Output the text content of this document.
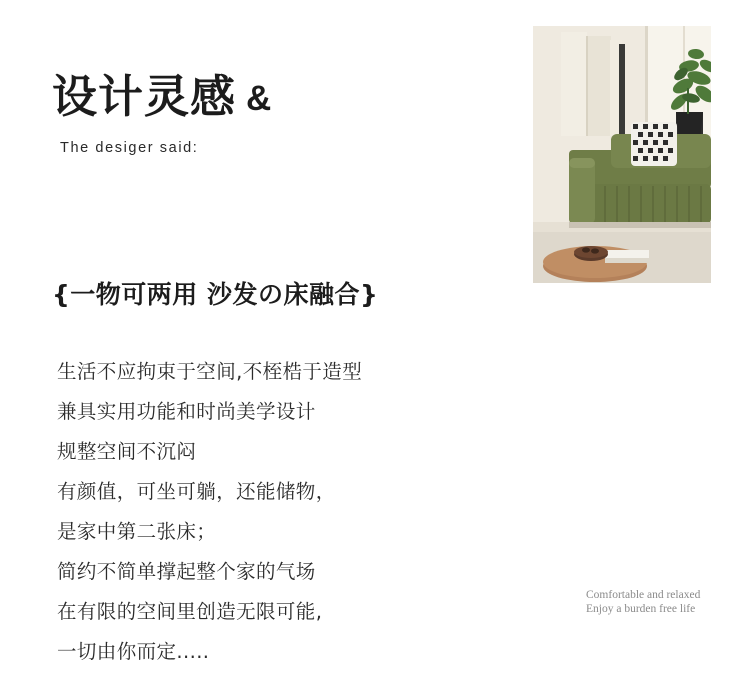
设计灵感 &
The desiger said:
{一物可两用 沙发の床融合}
生活不应拘束于空间,不桎梏于造型
兼具实用功能和时尚美学设计
规整空间不沉闷
有颜值，可坐可躺，还能储物，
是家中第二张床；
简约不简单撑起整个家的气场
在有限的空间里创造无限可能,
一切由你而定.....
Comfortable and relaxed
Enjoy a burden free life
